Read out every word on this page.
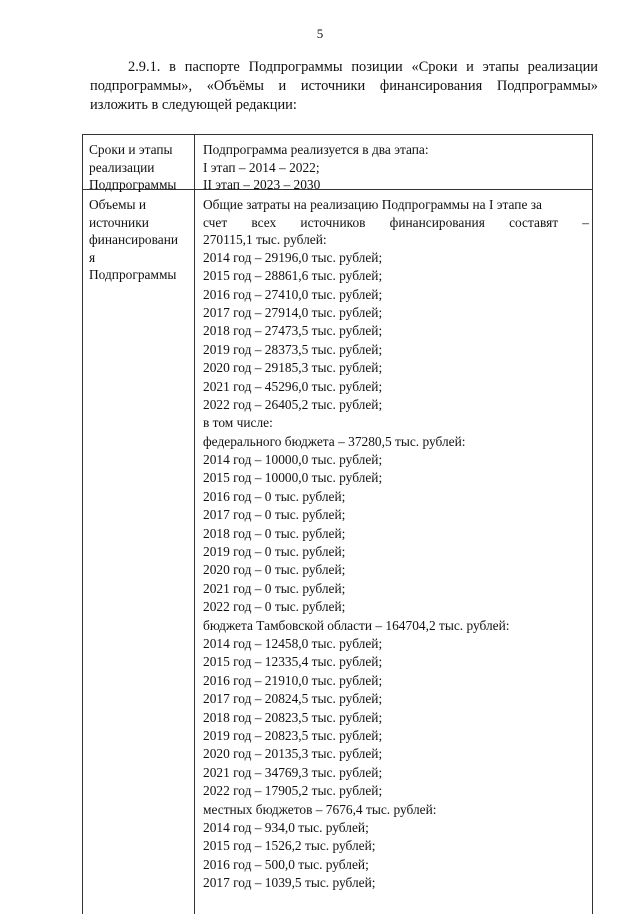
5
2.9.1. в паспорте Подпрограммы позиции «Сроки и этапы реализации
подпрограммы», «Объёмы и источники финансирования Подпрограммы»
изложить в следующей редакции:
Сроки и этапы
реализации
Подпрограммы
Подпрограмма реализуется в два этапа:
I этап – 2014 – 2022;
II этап – 2023 – 2030
Объемы и
источники
финансировани
я
Подпрограммы
Общие затраты на реализацию Подпрограммы на I этапе за
счет всех источников финансирования составят –
270115,1 тыс. рублей:
2014 год – 29196,0 тыс. рублей;
2015 год – 28861,6 тыс. рублей;
2016 год – 27410,0 тыс. рублей;
2017 год – 27914,0 тыс. рублей;
2018 год – 27473,5 тыс. рублей;
2019 год – 28373,5 тыс. рублей;
2020 год – 29185,3 тыс. рублей;
2021 год – 45296,0 тыс. рублей;
2022 год – 26405,2 тыс. рублей;
в том числе:
федерального бюджета – 37280,5 тыс. рублей:
2014 год – 10000,0 тыс. рублей;
2015 год – 10000,0 тыс. рублей;
2016 год – 0 тыс. рублей;
2017 год – 0 тыс. рублей;
2018 год – 0 тыс. рублей;
2019 год – 0 тыс. рублей;
2020 год – 0 тыс. рублей;
2021 год – 0 тыс. рублей;
2022 год – 0 тыс. рублей;
бюджета Тамбовской области – 164704,2 тыс. рублей:
2014 год – 12458,0 тыс. рублей;
2015 год – 12335,4 тыс. рублей;
2016 год – 21910,0 тыс. рублей;
2017 год – 20824,5 тыс. рублей;
2018 год – 20823,5 тыс. рублей;
2019 год – 20823,5 тыс. рублей;
2020 год – 20135,3 тыс. рублей;
2021 год – 34769,3 тыс. рублей;
2022 год – 17905,2 тыс. рублей;
местных бюджетов – 7676,4 тыс. рублей:
2014 год – 934,0 тыс. рублей;
2015 год – 1526,2 тыс. рублей;
2016 год – 500,0 тыс. рублей;
2017 год – 1039,5 тыс. рублей;
